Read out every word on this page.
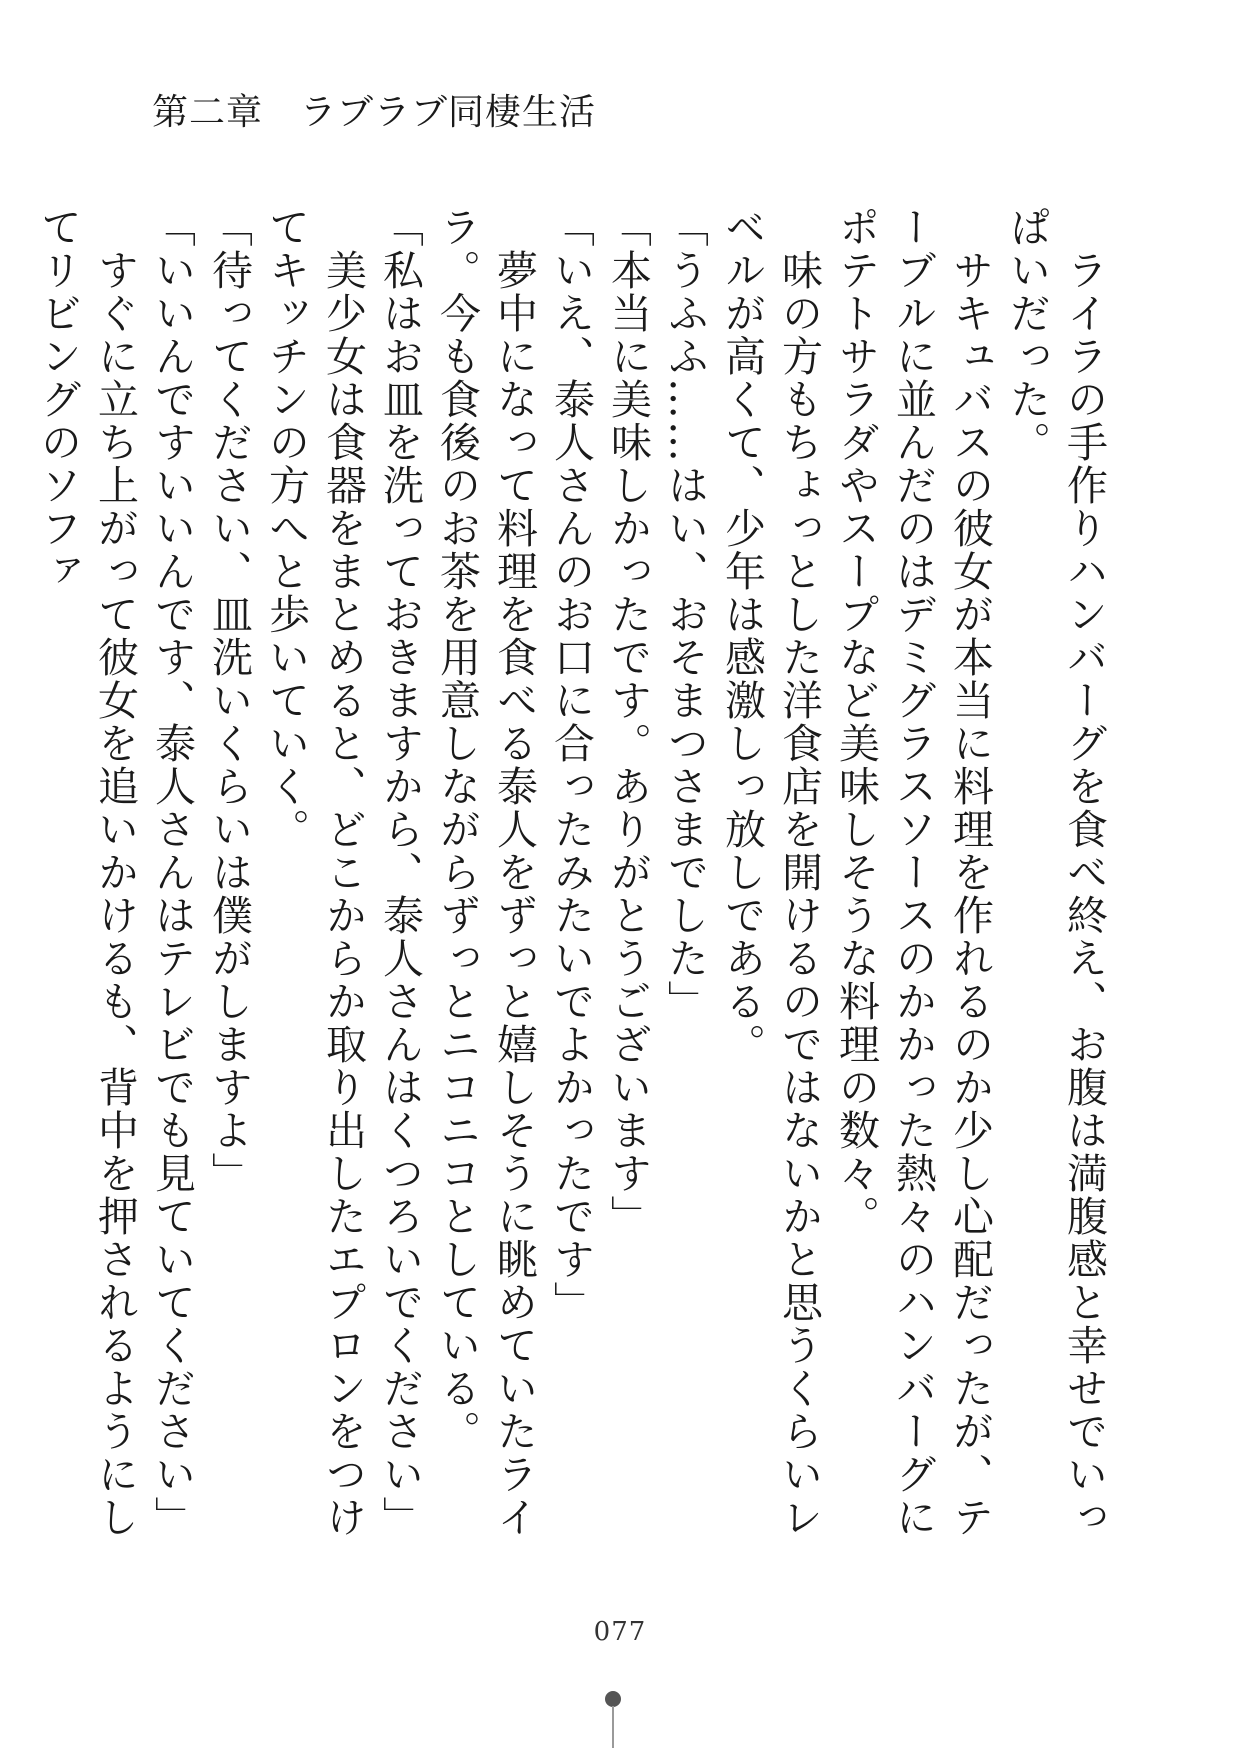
第二章　ラブラブ同棲生活

　ライラの手作りハンバーグを食べ終え、お腹は満腹感と幸せでいっぱいだった。

　サキュバスの彼女が本当に料理を作れるのか少し心配だったが、テーブルに並んだのはデミグラスソースのかかった熱々のハンバーグにポテトサラダやスープなど美味しそうな料理の数々。

　味の方もちょっとした洋食店を開けるのではないかと思うくらいレベルが高くて、少年は感激しっ放しである。

「うふふ……はい、おそまつさまでした」

「本当に美味しかったです。ありがとうございます」

「いえ、泰人さんのお口に合ったみたいでよかったです」

　夢中になって料理を食べる泰人をずっと嬉しそうに眺めていたライラ。今も食後のお茶を用意しながらずっとニコニコとしている。

「私はお皿を洗っておきますから、泰人さんはくつろいでください」

　美少女は食器をまとめると、どこからか取り出したエプロンをつけてキッチンの方へと歩いていく。

「待ってください、皿洗いくらいは僕がしますよ」

「いいんですいいんです、泰人さんはテレビでも見ていてください」

　すぐに立ち上がって彼女を追いかけるも、背中を押されるようにしてリビングのソファ

077
